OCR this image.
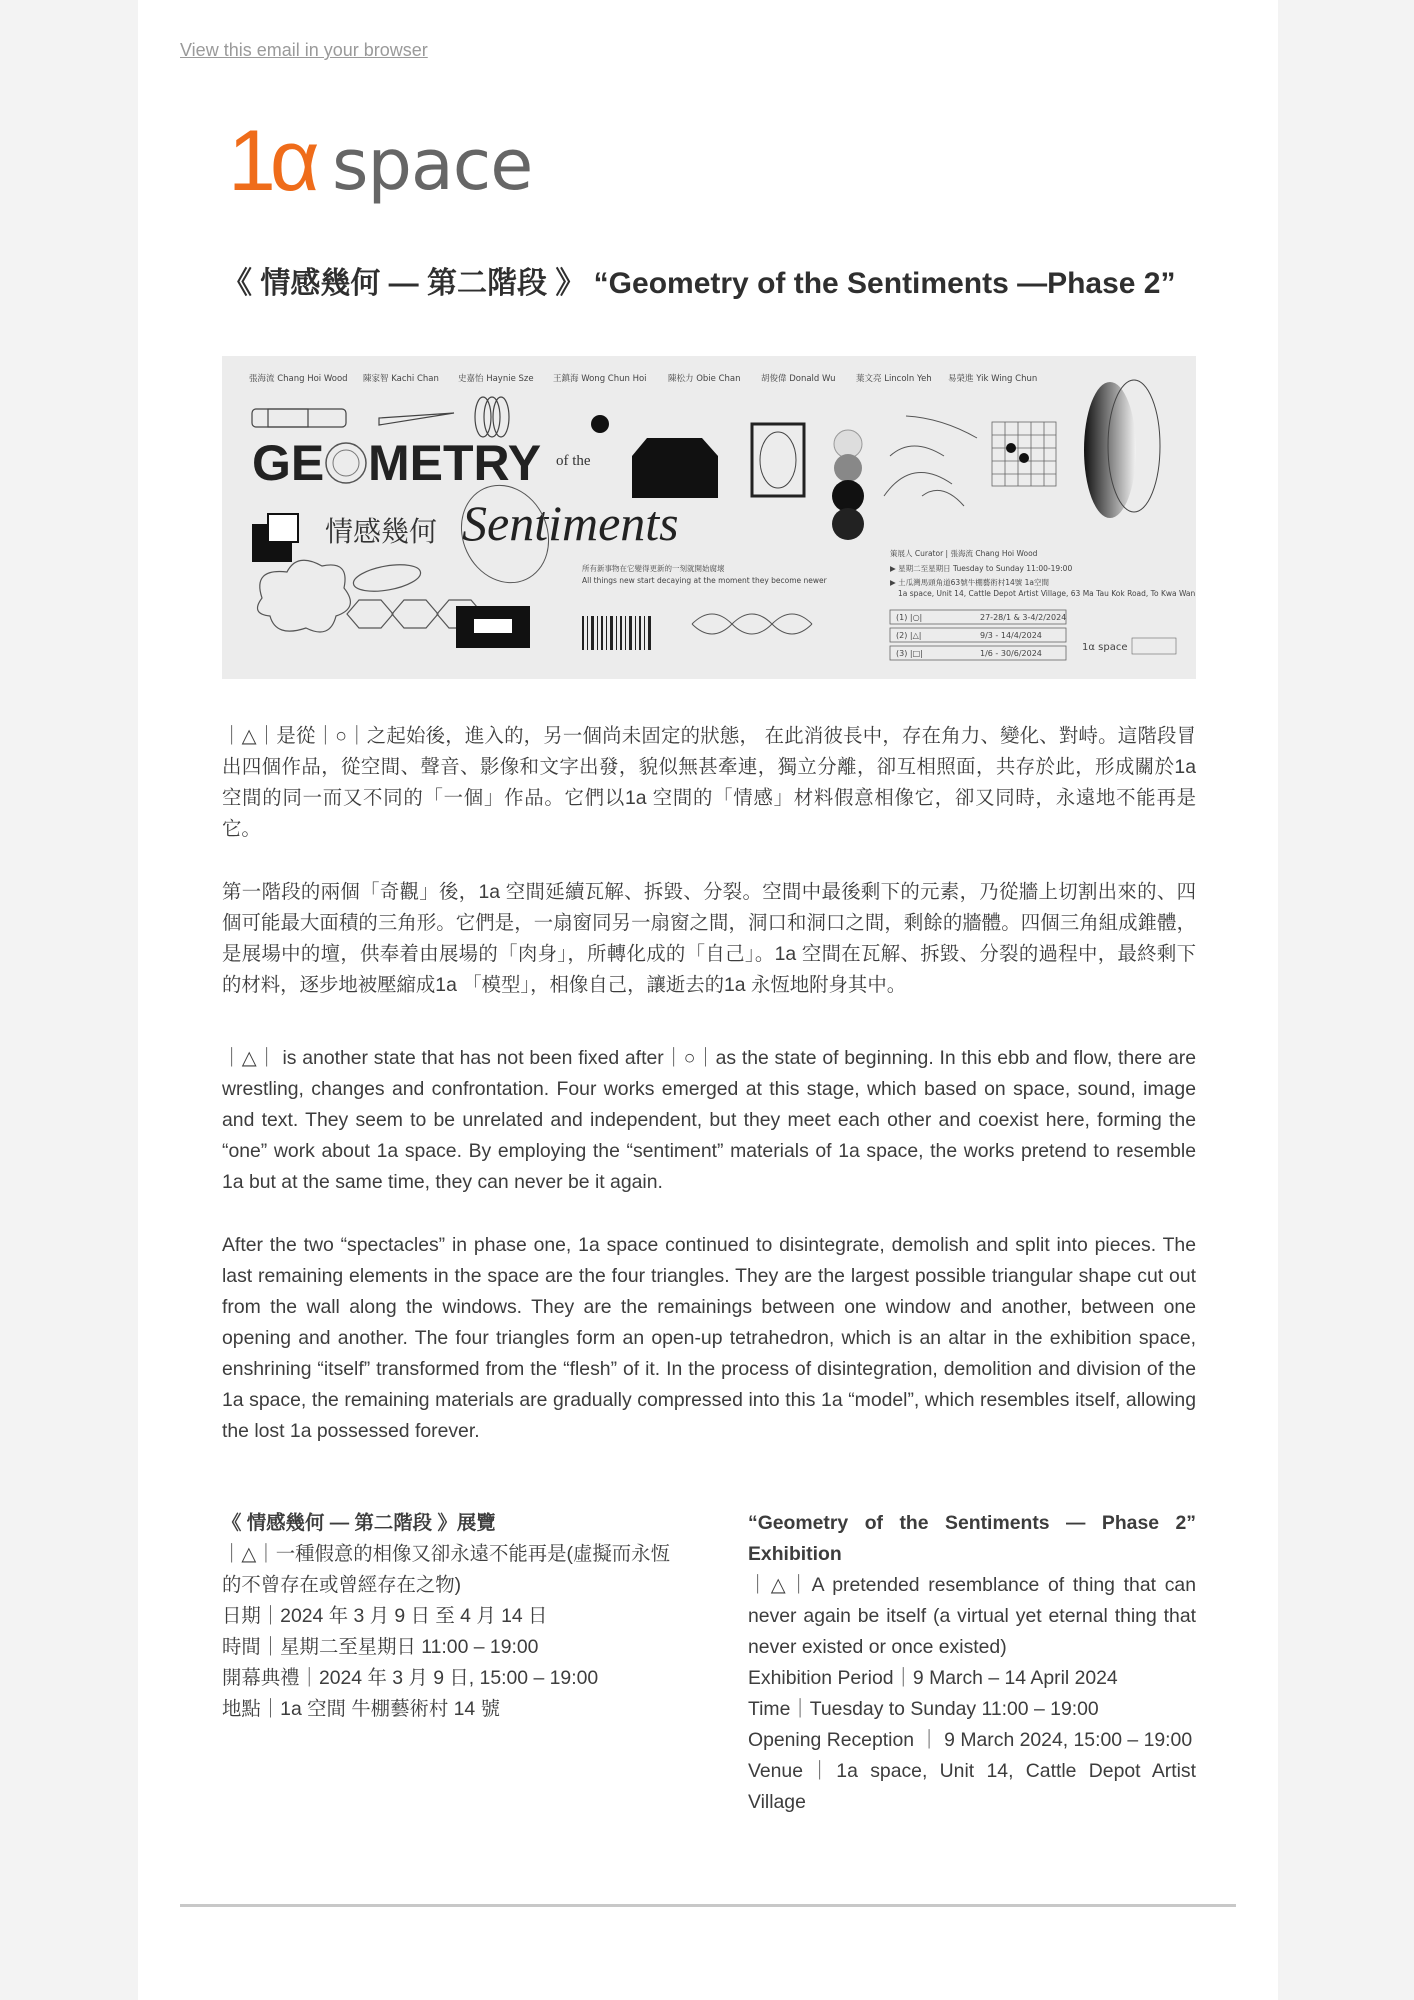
View this email in your browser
1α space
《 情感幾何 — 第二階段 》 “Geometry of the Sentiments —Phase 2”
張海流 Chang Hoi Wood 陳家智 Kachi Chan 史嘉怡 Haynie Sze 王鎮海 Wong Chun Hoi	陳松力 Obie Chan 胡俊偉 Donald Wu 葉文亮 Lincoln Yeh 易榮進 Yik Wing Chun
GE METRY of the
情感幾何 Sentiments
所有新事物在它變得更新的一刻就開始腐壞
All things new start decaying at the moment they become newer
策展人 Curator | 張海流 Chang Hoi Wood
▶ 星期二至星期日 Tuesday to Sunday 11:00-19:00
▶ 土瓜灣馬頭角道63號牛棚藝術村14號 1a空間
1a space, Unit 14, Cattle Depot Artist Village, 63 Ma Tau Kok Road, To Kwa Wan
(1) |○|	27-28/1 & 3-4/2/2024
(2) |△|	9/3 - 14/4/2024
(3) |□|	1/6 - 30/6/2024
1α space

｜△｜是從｜○｜之起始後，進入的，另一個尚未固定的狀態， 在此消彼長中，存在角力、變化、對峙。這階段冒出四個作品，從空間、聲音、影像和文字出發，貌似無甚牽連，獨立分離，卻互相照面，共存於此，形成關於1a 空間的同一而又不同的「一個」作品。它們以1a 空間的「情感」材料假意相像它，卻又同時，永遠地不能再是它。

第一階段的兩個「奇觀」後，1a 空間延續瓦解、拆毀、分裂。空間中最後剩下的元素，乃從牆上切割出來的、四個可能最大面積的三角形。它們是，一扇窗同另一扇窗之間，洞口和洞口之間，剩餘的牆體。四個三角組成錐體，是展場中的壇，供奉着由展場的「肉身」，所轉化成的「自己」。1a 空間在瓦解、拆毀、分裂的過程中，最終剩下的材料，逐步地被壓縮成1a 「模型」，相像自己，讓逝去的1a 永恆地附身其中。

｜△｜ is another state that has not been fixed after｜○｜as the state of beginning. In this ebb and flow, there are wrestling, changes and confrontation. Four works emerged at this stage, which based on space, sound, image and text. They seem to be unrelated and independent, but they meet each other and coexist here, forming the “one” work about 1a space. By employing the “sentiment” materials of 1a space, the works pretend to resemble 1a but at the same time, they can never be it again.

After the two “spectacles” in phase one, 1a space continued to disintegrate, demolish and split into pieces. The last remaining elements in the space are the four triangles. They are the largest possible triangular shape cut out from the wall along the windows. They are the remainings between one window and another, between one opening and another. The four triangles form an open-up tetrahedron, which is an altar in the exhibition space, enshrining “itself” transformed from the “flesh” of it. In the process of disintegration, demolition and division of the 1a space, the remaining materials are gradually compressed into this 1a “model”, which resembles itself, allowing the lost 1a possessed forever.

《 情感幾何 — 第二階段 》展覽
｜△｜一種假意的相像又卻永遠不能再是(虛擬而永恆的不曾存在或曾經存在之物)
日期｜2024 年 3 月 9 日 至 4 月 14 日
時間｜星期二至星期日 11:00 – 19:00
開幕典禮｜2024 年 3 月 9 日, 15:00 – 19:00
地點｜1a 空間 牛棚藝術村 14 號
“Geometry of the Sentiments — Phase 2” Exhibition
｜△｜A pretended resemblance of thing that can never again be itself (a virtual yet eternal thing that never existed or once existed)
Exhibition Period｜9 March – 14 April 2024
Time｜Tuesday to Sunday 11:00 – 19:00
Opening Reception ｜ 9 March 2024, 15:00 – 19:00
Venue｜1a space, Unit 14, Cattle Depot Artist Village
